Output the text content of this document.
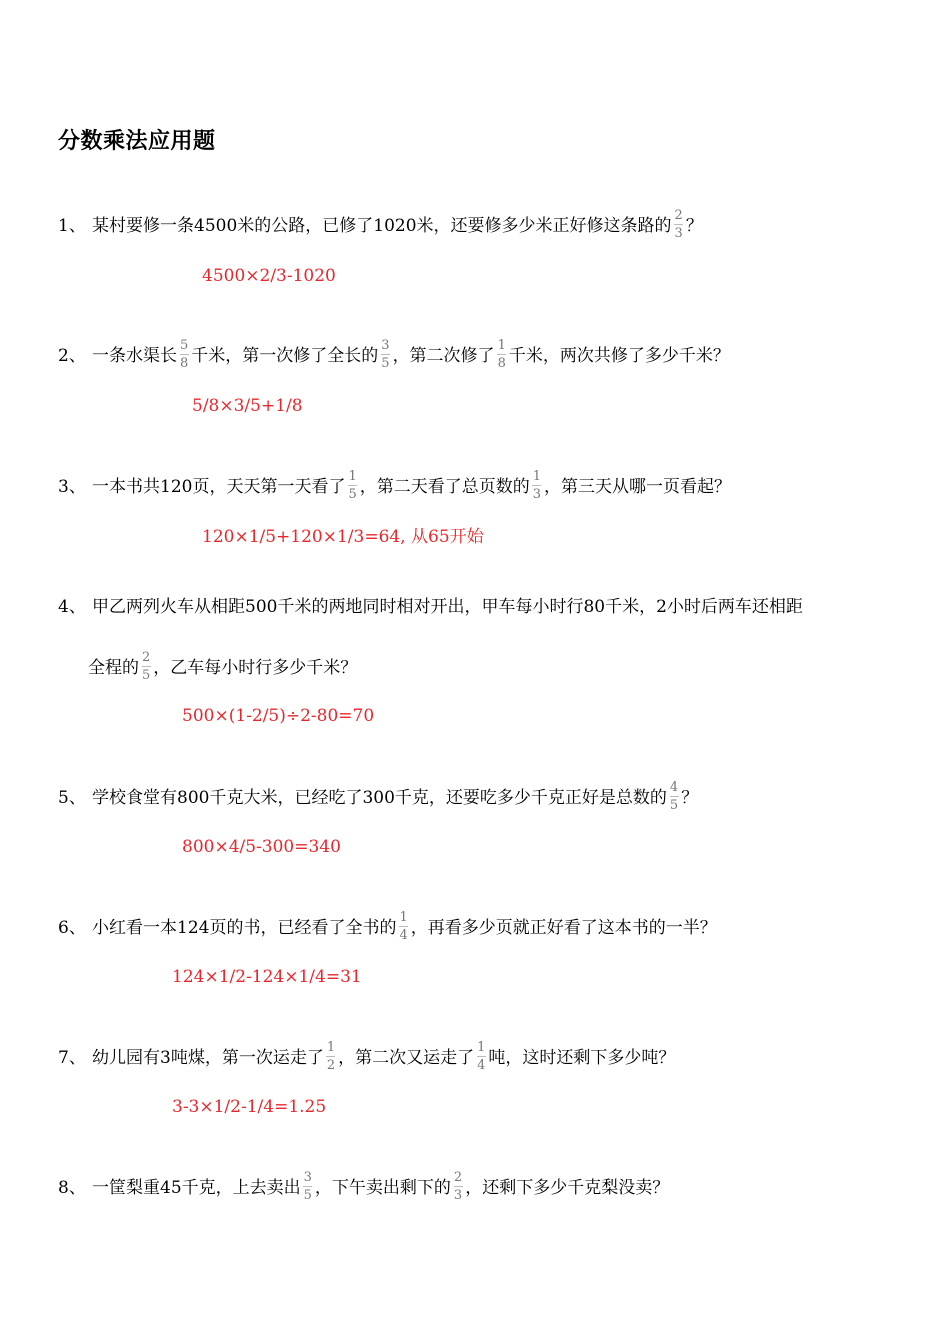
分数乘法应用题
1、 某村要修一条4500米的公路，已修了1020米，还要修多少米正好修这条路的 $\frac{2}{3}$ ？
4500×2/3-1020
2、 一条水渠长 $\frac{5}{8}$ 千米，第一次修了全长的 $\frac{3}{5}$ ，第二次修了 $\frac{1}{8}$ 千米，两次共修了多少千米？
5/8×3/5+1/8
3、 一本书共120页，天天第一天看了 $\frac{1}{5}$ ，第二天看了总页数的 $\frac{1}{3}$ ，第三天从哪一页看起？
120×1/5+120×1/3=64, 从65开始
4、 甲乙两列火车从相距500千米的两地同时相对开出，甲车每小时行80千米，2小时后两车还相距
全程的 $\frac{2}{5}$ ，乙车每小时行多少千米？
500×(1-2/5)÷2-80=70
5、 学校食堂有800千克大米，已经吃了300千克，还要吃多少千克正好是总数的 $\frac{4}{5}$ ？
800×4/5-300=340
6、 小红看一本124页的书，已经看了全书的 $\frac{1}{4}$ ，再看多少页就正好看了这本书的一半？
124×1/2-124×1/4=31
7、 幼儿园有3吨煤，第一次运走了 $\frac{1}{2}$ ，第二次又运走了 $\frac{1}{4}$ 吨，这时还剩下多少吨？
3-3×1/2-1/4=1.25
8、 一筐梨重45千克，上去卖出 $\frac{3}{5}$ ，下午卖出剩下的 $\frac{2}{3}$ ，还剩下多少千克梨没卖？
